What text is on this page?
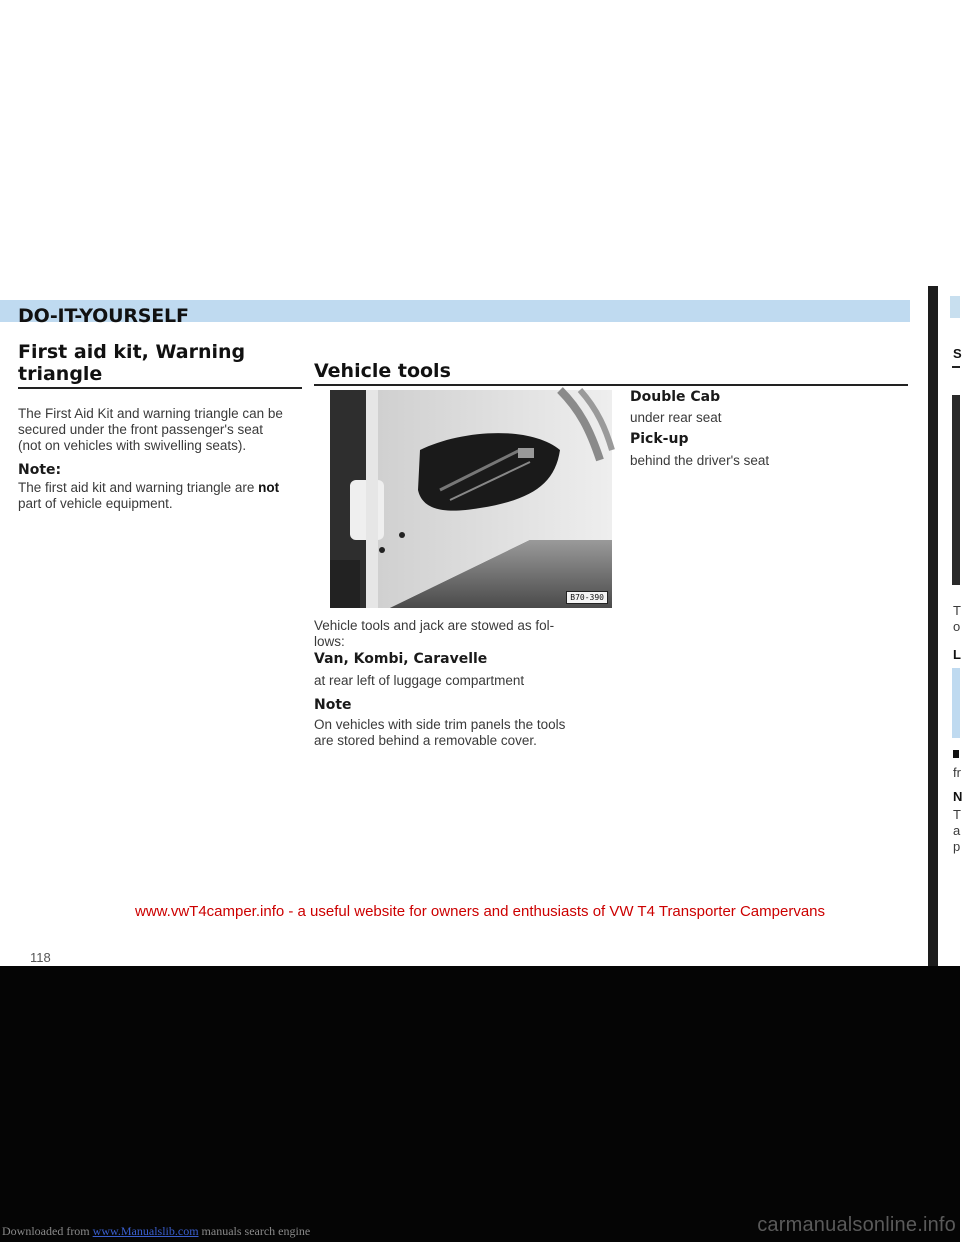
DO-IT-YOURSELF
First aid kit, Warning
triangle
The First Aid Kit and warning triangle can be
secured under the front passenger's seat
(not on vehicles with swivelling seats).
Note:
The first aid kit and warning triangle are not
part of vehicle equipment.
Vehicle tools
B70-390
Vehicle tools and jack are stowed as fol-
lows:
Van, Kombi, Caravelle
at rear left of luggage compartment
Note
On vehicles with side trim panels the tools
are stored behind a removable cover.
Double Cab
under rear seat
Pick-up
behind the driver's seat
S
T
o
L
fr
N
T
a
p
www.vwT4camper.info - a useful website for owners and enthusiasts of VW T4 Transporter Campervans
118
Downloaded from www.Manualslib.com manuals search engine	carmanualsonline.info
